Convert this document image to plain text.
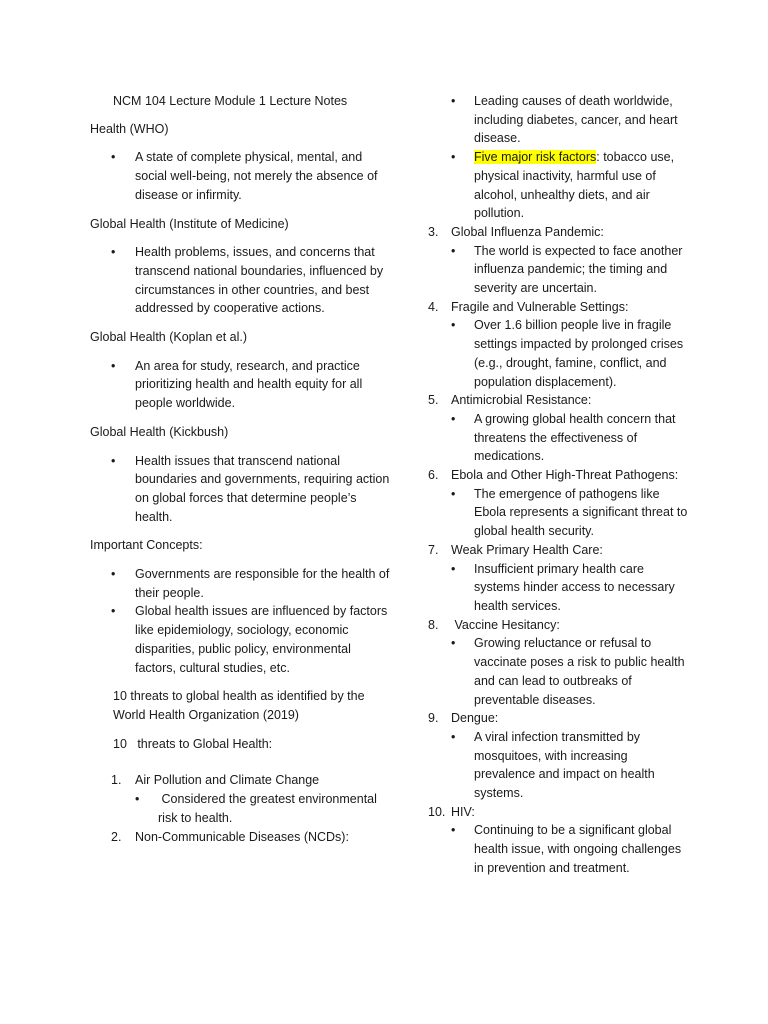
NCM 104 Lecture Module 1 Lecture Notes

Health (WHO)

• A state of complete physical, mental, and social well-being, not merely the absence of disease or infirmity.

Global Health (Institute of Medicine)

• Health problems, issues, and concerns that transcend national boundaries, influenced by circumstances in other countries, and best addressed by cooperative actions.

Global Health (Koplan et al.)

• An area for study, research, and practice prioritizing health and health equity for all people worldwide.

Global Health (Kickbush)

• Health issues that transcend national boundaries and governments, requiring action on global forces that determine people’s health.

Important Concepts:

• Governments are responsible for the health of their people.
• Global health issues are influenced by factors like epidemiology, sociology, economic disparities, public policy, environmental factors, cultural studies, etc.

10 threats to global health as identified by the World Health Organization (2019)

10   threats to Global Health:

1. Air Pollution and Climate Change
• Considered the greatest environmental risk to health.
2. Non-Communicable Diseases (NCDs):
• Leading causes of death worldwide, including diabetes, cancer, and heart disease.
• Five major risk factors: tobacco use, physical inactivity, harmful use of alcohol, unhealthy diets, and air pollution.
3. Global Influenza Pandemic:
• The world is expected to face another influenza pandemic; the timing and severity are uncertain.
4. Fragile and Vulnerable Settings:
• Over 1.6 billion people live in fragile settings impacted by prolonged crises (e.g., drought, famine, conflict, and population displacement).
5. Antimicrobial Resistance:
• A growing global health concern that threatens the effectiveness of medications.
6. Ebola and Other High-Threat Pathogens:
• The emergence of pathogens like Ebola represents a significant threat to global health security.
7. Weak Primary Health Care:
• Insufficient primary health care systems hinder access to necessary health services.
8. Vaccine Hesitancy:
• Growing reluctance or refusal to vaccinate poses a risk to public health and can lead to outbreaks of preventable diseases.
9. Dengue:
• A viral infection transmitted by mosquitoes, with increasing prevalence and impact on health systems.
10. HIV:
• Continuing to be a significant global health issue, with ongoing challenges in prevention and treatment.
